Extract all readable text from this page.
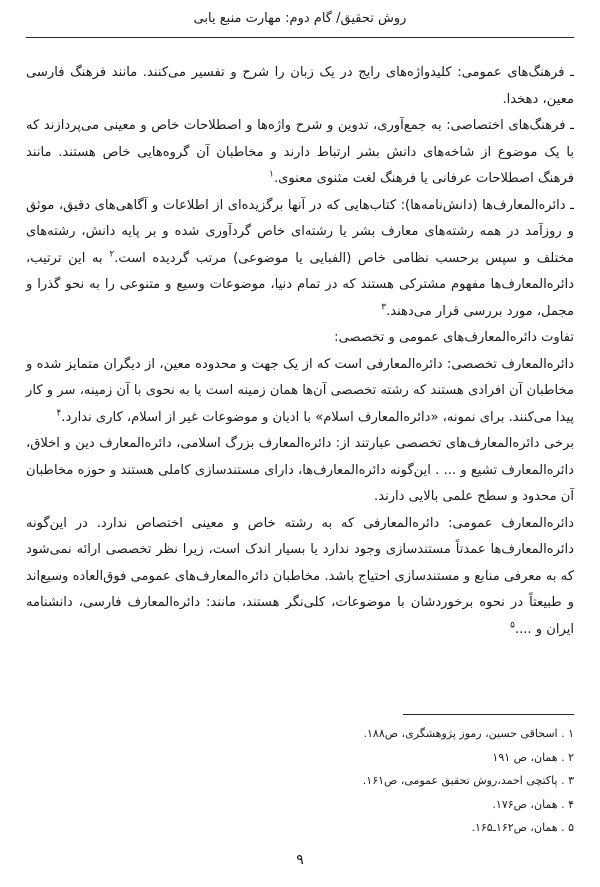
روش تحقیق/ گام دوم: مهارت منبع یابی

ـ فرهنگ‌های عمومی: کلیدواژه‌های رایج در یک زبان را شرح و تفسیر می‌کنند. مانند فرهنگ فارسی معین، دهخدا.

ـ فرهنگ‌های اختصاصی: به جمع‌آوری، تدوین و شرح واژه‌ها و اصطلاحات خاص و معینی می‌پردازند که با یک موضوع از شاخه‌های دانش بشر ارتباط دارند و مخاطبان آن گروه‌هایی خاص هستند. مانند فرهنگ اصطلاحات عرفانی یا فرهنگ لغت مثنوی معنوی.$^۱$

ـ دائره‌المعارف‌ها (دانش‌نامه‌ها): کتاب‌هایی که در آنها برگزیده‌ای از اطلاعات و آگاهی‌های دقیق، موثق و روزآمد در همه رشته‌های معارف بشر یا رشته‌ای خاص گردآوری شده و بر پایه دانش، رشته‌های مختلف و سپس برحسب نظامی خاص (الفبایی یا موضوعی) مرتب گردیده است.$^۲$ به این ترتیب، دائره‌المعارف‌ها مفهوم مشترکی هستند که در تمام دنیا، موضوعات وسیع و متنوعی را به نحو گذرا و مجمل، مورد بررسی قرار می‌دهند.$^۳$

تفاوت دائره‌المعارف‌های عمومی و تخصصی:

دائره‌المعارف تخصصی: دائره‌المعارفی است که از یک جهت و محدوده معین، از دیگران متمایز شده و مخاطبان آن افرادی هستند که رشته تخصصی آن‌ها همان زمینه است یا به نحوی با آن زمینه، سر و کار پیدا می‌کنند. برای نمونه، «دائره‌المعارف اسلام» با ادیان و موضوعات غیر از اسلام، کاری ندارد.$^۴$

برخی دائره‌المعارف‌های تخصصی عبارتند از: دائره‌المعارف بزرگ اسلامی، دائره‌المعارف دین و اخلاق، دائره‌المعارف تشیع و ... . این‌گونه دائره‌المعارف‌ها، دارای مستندسازی کاملی هستند و حوزه مخاطبان آن محدود و سطح علمی بالایی دارند.

دائره‌المعارف عمومی: دائره‌المعارفی که به رشته خاص و معینی اختصاص ندارد. در این‌گونه دائره‌المعارف‌ها عمدتاً مستندسازی وجود ندارد یا بسیار اندک است، زیرا نظر تخصصی ارائه نمی‌شود که به معرفی منابع و مستندسازی احتیاج باشد. مخاطبان دائره‌المعارف‌های عمومی فوق‌العاده وسیع‌اند و طبیعتاً در نحوه برخوردشان با موضوعات، کلی‌نگر هستند، مانند: دائره‌المعارف فارسی، دانشنامه ایران و ....$^۵$

۱ . اسحاقی حسین، رموز پژوهشگری، ص۱۸۸.

۲ . همان، ص ۱۹۱

۳ . پاکتچی احمد،روش تحقیق عمومی، ص۱۶۱.

۴ . همان، ص۱۷۶.

۵ . همان، ص۱۶۲ـ۱۶۵.

۹
